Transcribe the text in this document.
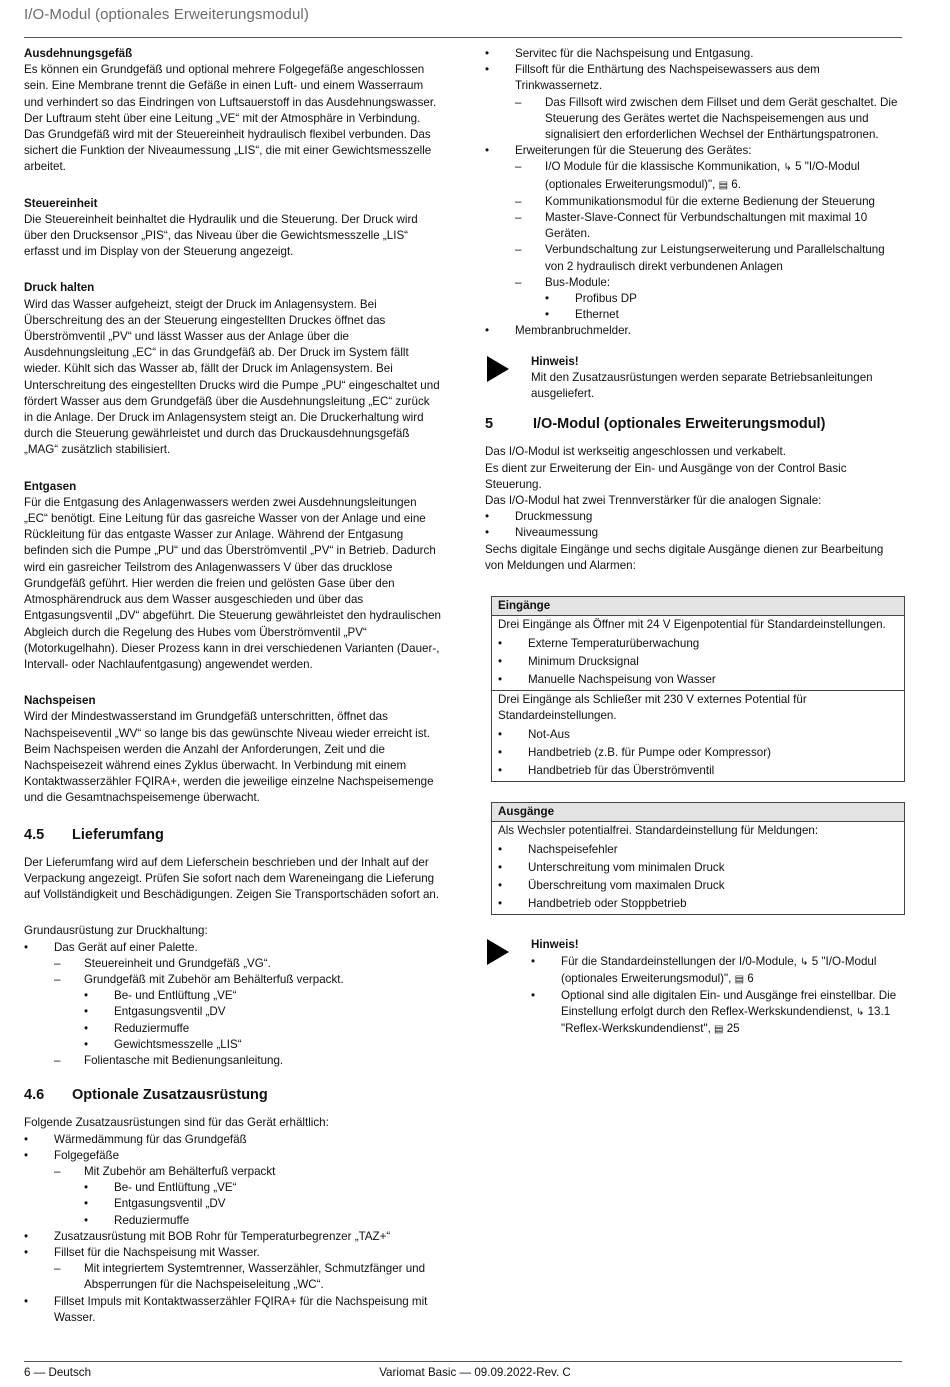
I/O-Modul (optionales Erweiterungsmodul)

Ausdehnungsgefäß

Es können ein Grundgefäß und optional mehrere Folgegefäße angeschlossen sein. Eine Membrane trennt die Gefäße in einen Luft- und einem Wasserraum und verhindert so das Eindringen von Luftsauerstoff in das Ausdehnungswasser. Der Luftraum steht über eine Leitung „VE“ mit der Atmosphäre in Verbindung. Das Grundgefäß wird mit der Steuereinheit hydraulisch flexibel verbunden. Das sichert die Funktion der Niveaumessung „LIS“, die mit einer Gewichtsmesszelle arbeitet.

Steuereinheit

Die Steuereinheit beinhaltet die Hydraulik und die Steuerung. Der Druck wird über den Drucksensor „PIS“, das Niveau über die Gewichtsmesszelle „LIS“ erfasst und im Display von der Steuerung angezeigt.

Druck halten

Wird das Wasser aufgeheizt, steigt der Druck im Anlagensystem. Bei Überschreitung des an der Steuerung eingestellten Druckes öffnet das Überströmventil „PV“ und lässt Wasser aus der Anlage über die Ausdehnungsleitung „EC“ in das Grundgefäß ab. Der Druck im System fällt wieder. Kühlt sich das Wasser ab, fällt der Druck im Anlagensystem. Bei Unterschreitung des eingestellten Drucks wird die Pumpe „PU“ eingeschaltet und fördert Wasser aus dem Grundgefäß über die Ausdehnungsleitung „EC“ zurück in die Anlage. Der Druck im Anlagensystem steigt an. Die Druckerhaltung wird durch die Steuerung gewährleistet und durch das Druckausdehnungsgefäß „MAG“ zusätzlich stabilisiert.

Entgasen

Für die Entgasung des Anlagenwassers werden zwei Ausdehnungsleitungen „EC“ benötigt. Eine Leitung für das gasreiche Wasser von der Anlage und eine Rückleitung für das entgaste Wasser zur Anlage. Während der Entgasung befinden sich die Pumpe „PU“ und das Überströmventil „PV“ in Betrieb. Dadurch wird ein gasreicher Teilstrom des Anlagenwassers V über das drucklose Grundgefäß geführt. Hier werden die freien und gelösten Gase über den Atmosphärendruck aus dem Wasser ausgeschieden und über das Entgasungsventil „DV“ abgeführt. Die Steuerung gewährleistet den hydraulischen Abgleich durch die Regelung des Hubes vom Überströmventil „PV“ (Motorkugelhahn). Dieser Prozess kann in drei verschiedenen Varianten (Dauer-, Intervall- oder Nachlaufentgasung) angewendet werden.

Nachspeisen

Wird der Mindestwasserstand im Grundgefäß unterschritten, öffnet das Nachspeiseventil „WV“ so lange bis das gewünschte Niveau wieder erreicht ist. Beim Nachspeisen werden die Anzahl der Anforderungen, Zeit und die Nachspeisezeit während eines Zyklus überwacht. In Verbindung mit einem Kontaktwasserzähler FQIRA+, werden die jeweilige einzelne Nachspeisemenge und die Gesamtnachspeisemenge überwacht.

4.5	Lieferumfang

Der Lieferumfang wird auf dem Lieferschein beschrieben und der Inhalt auf der Verpackung angezeigt. Prüfen Sie sofort nach dem Wareneingang die Lieferung auf Vollständigkeit und Beschädigungen. Zeigen Sie Transportschäden sofort an.

Grundausrüstung zur Druckhaltung:

• Das Gerät auf einer Palette.
– Steuereinheit und Grundgefäß „VG“.
– Grundgefäß mit Zubehör am Behälterfuß verpackt.
• Be- und Entlüftung „VE“
• Entgasungsventil „DV
• Reduziermuffe
• Gewichtsmesszelle „LIS“
– Folientasche mit Bedienungsanleitung.
4.6	Optionale Zusatzausrüstung

Folgende Zusatzausrüstungen sind für das Gerät erhältlich:

• Wärmedämmung für das Grundgefäß
• Folgegefäße
– Mit Zubehör am Behälterfuß verpackt
• Be- und Entlüftung „VE“
• Entgasungsventil „DV
• Reduziermuffe
• Zusatzausrüstung mit BOB Rohr für Temperaturbegrenzer „TAZ+“
• Fillset für die Nachspeisung mit Wasser.
– Mit integriertem Systemtrenner, Wasserzähler, Schmutzfänger und Absperrungen für die Nachspeiseleitung „WC“.
• Fillset Impuls mit Kontaktwasserzähler FQIRA+ für die Nachspeisung mit Wasser.
• Servitec für die Nachspeisung und Entgasung.
• Fillsoft für die Enthärtung des Nachspeisewassers aus dem Trinkwassernetz.
– Das Fillsoft wird zwischen dem Fillset und dem Gerät geschaltet. Die Steuerung des Gerätes wertet die Nachspeisemengen aus und signalisiert den erforderlichen Wechsel der Enthärtungspatronen.
• Erweiterungen für die Steuerung des Gerätes:
– I/O Module für die klassische Kommunikation, ↳ 5 "I/O-Modul (optionales Erweiterungsmodul)", ▤ 6.
– Kommunikationsmodul für die externe Bedienung der Steuerung
– Master-Slave-Connect für Verbundschaltungen mit maximal 10 Geräten.
– Verbundschaltung zur Leistungserweiterung und Parallelschaltung von 2 hydraulisch direkt verbundenen Anlagen
– Bus-Module:
• Profibus DP
• Ethernet
• Membranbruchmelder.

Hinweis!

Mit den Zusatzausrüstungen werden separate Betriebsanleitungen ausgeliefert.

5	I/O-Modul (optionales Erweiterungsmodul)

Das I/O-Modul ist werkseitig angeschlossen und verkabelt.

Es dient zur Erweiterung der Ein- und Ausgänge von der Control Basic Steuerung.

Das I/O-Modul hat zwei Trennverstärker für die analogen Signale:

• Druckmessung
• Niveaumessung

Sechs digitale Eingänge und sechs digitale Ausgänge dienen zur Bearbeitung von Meldungen und Alarmen:

Eingänge

Drei Eingänge als Öffner mit 24 V Eigenpotential für Standardeinstellungen.

• Externe Temperaturüberwachung
• Minimum Drucksignal
• Manuelle Nachspeisung von Wasser

Drei Eingänge als Schließer mit 230 V externes Potential für Standardeinstellungen.

• Not-Aus
• Handbetrieb (z.B. für Pumpe oder Kompressor)
• Handbetrieb für das Überströmventil
Ausgänge

Als Wechsler potentialfrei. Standardeinstellung für Meldungen:

• Nachspeisefehler
• Unterschreitung vom minimalen Druck
• Überschreitung vom maximalen Druck
• Handbetrieb oder Stoppbetrieb

Hinweis!

• Für die Standardeinstellungen der I/0-Module, ↳ 5 "I/O-Modul (optionales Erweiterungsmodul)", ▤ 6
• Optional sind alle digitalen Ein- und Ausgänge frei einstellbar. Die Einstellung erfolgt durch den Reflex-Werkskundendienst, ↳ 13.1 "Reflex-Werkskundendienst", ▤ 25
6 — Deutsch	Variomat Basic — 09.09.2022-Rev. C
